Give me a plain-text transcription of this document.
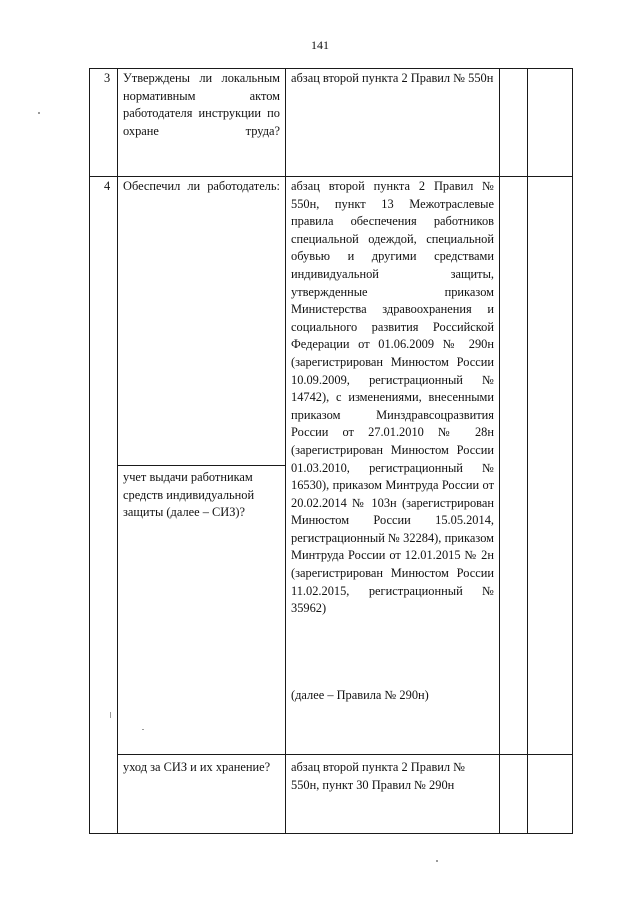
141
3 Утверждены ли локальным нормативным актом работодателя инструкции по охране труда?
абзац второй пункта 2 Правил № 550н
4 Обеспечил ли работодатель: абзац второй пункта 2 Правил № 550н, пункт 13 Межотраслевые правила обеспечения работников специальной одеждой, специальной обувью и другими средствами индивидуальной защиты, утвержденные приказом Министерства здравоохранения и социального развития Российской Федерации от 01.06.2009 № 290н (зарегистрирован Минюстом России 10.09.2009, регистрационный № 14742), с изменениями, внесенными приказом Минздравсоцразвития России от 27.01.2010 № 28н (зарегистрирован Минюстом России 01.03.2010, регистрационный № 16530), приказом Минтруда России от 20.02.2014 № 103н (зарегистрирован Минюстом России 15.05.2014, регистрационный № 32284), приказом Минтруда России от 12.01.2015 № 2н (зарегистрирован Минюстом России 11.02.2015, регистрационный № 35962)
(далее – Правила № 290н)
учет выдачи работникам средств индивидуальной защиты (далее – СИЗ)?
уход за СИЗ и их хранение?	абзац второй пункта 2 Правил № 550н, пункт 30 Правил № 290н
